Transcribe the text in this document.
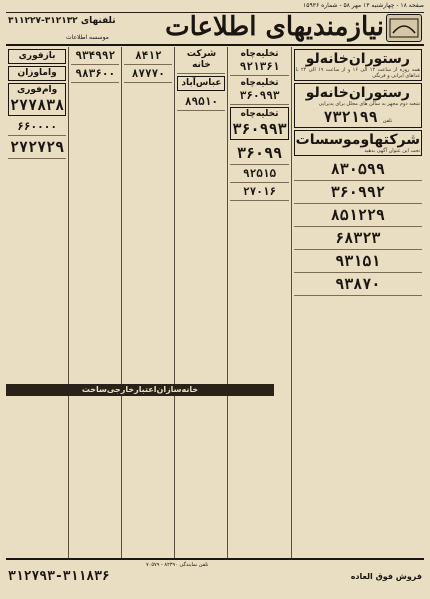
صفحه ۱۸ - چهارشنبه ۱۳ مهر ۵۸ - شماره ۱۵۹۳۶
نیازمندیهای اطلاعات
تلفنهای ۳۱۲۱۳۲-۳۱۱۲۲۷
موسسه اطلاعات
رستوران‌خانه‌لو
همه روزه از ساعت ۱۲ الی ۱۶ و از ساعت ۱۹ الی ۲۴ با غذاهای ایرانی و فرنگی
رستوران‌خانه‌لو
شعبه دوم مجهز به سالن های مجلل برای پذیرایی
تلفن ۷۳۲۱۹۹
شرکتهاوموسسات
تحت این عنوان آگهی بدهید
۸۳۰۵۹۹
۳۶۰۹۹۲
۸۵۱۲۲۹
۶۸۳۲۳
۹۳۱۵۱
۹۳۸۷۰
تخلیه‌چاه
۹۲۱۳۶۱
تخلیه‌چاه
۳۶۰۹۹۳
تخلیه‌چاه
۳۶۰۹۹۳
۳۶۰۹۹
۹۲۵۱۵
۲۷۰۱۶
شرکت خانه
عباس‌آباد
۸۹۵۱۰
۸۴۱۲
۸۷۷۷۰
۹۳۴۹۹۲
۹۸۳۶۰۰
بازفوری
واماوزان
وام‌فوری
۲۷۷۸۳۸
۶۶۰۰۰۰
۲۷۲۷۲۹
خانه‌سازان‌اعتبار‌خارجی‌ساخت
تلفن نمایندگی ۸۲۳۹۰ - ۷۰۵۷۹
۳۱۲۷۹۳-۳۱۱۸۳۶	فروش فوق العاده
